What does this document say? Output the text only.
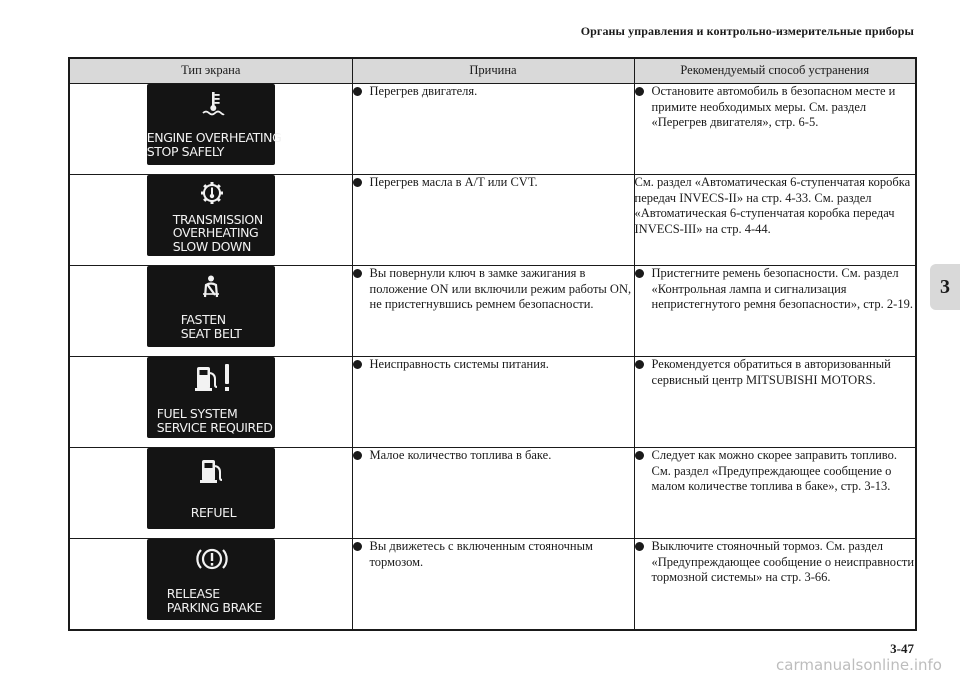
Органы управления и контрольно-измерительные приборы
3
Тип экрана	Причина	Рекомендуемый способ устранения

ENGINE OVERHEATING
STOP SAFELY	Перегрев двигателя.	Остановите автомобиль в безопасном месте и примите необходимых меры. См. раздел «Перегрев двигателя», стр. 6-5.

TRANSMISSION
OVERHEATING
SLOW DOWN	Перегрев масла в A/T или CVT.	См. раздел «Автоматическая 6-ступенчатая коробка передач INVECS-II» на стр. 4-33. См. раздел «Автоматическая 6-ступенчатая коробка передач INVECS-III» на стр. 4-44.

FASTEN
SEAT BELT	Вы повернули ключ в замке зажигания в положение ON или включили режим работы ON, не пристегнувшись ремнем безопасности.	Пристегните ремень безопасности. См. раздел «Контрольная лампа и сигнализация непристегнутого ремня безопасности», стр. 2-19.

FUEL SYSTEM
SERVICE REQUIRED	Неисправность системы питания.	Рекомендуется обратиться в авторизованный сервисный центр MITSUBISHI MOTORS.

REFUEL	Малое количество топлива в баке.	Следует как можно скорее заправить топливо. См. раздел «Предупреждающее сообщение о малом количестве топлива в баке», стр. 3-13.

RELEASE
PARKING BRAKE	Вы движетесь с включенным стояночным тормозом.	Выключите стояночный тормоз. См. раздел «Предупреждающее сообщение о неисправности тормозной системы» на стр. 3-66.
3-47
carmanualsonline.info
